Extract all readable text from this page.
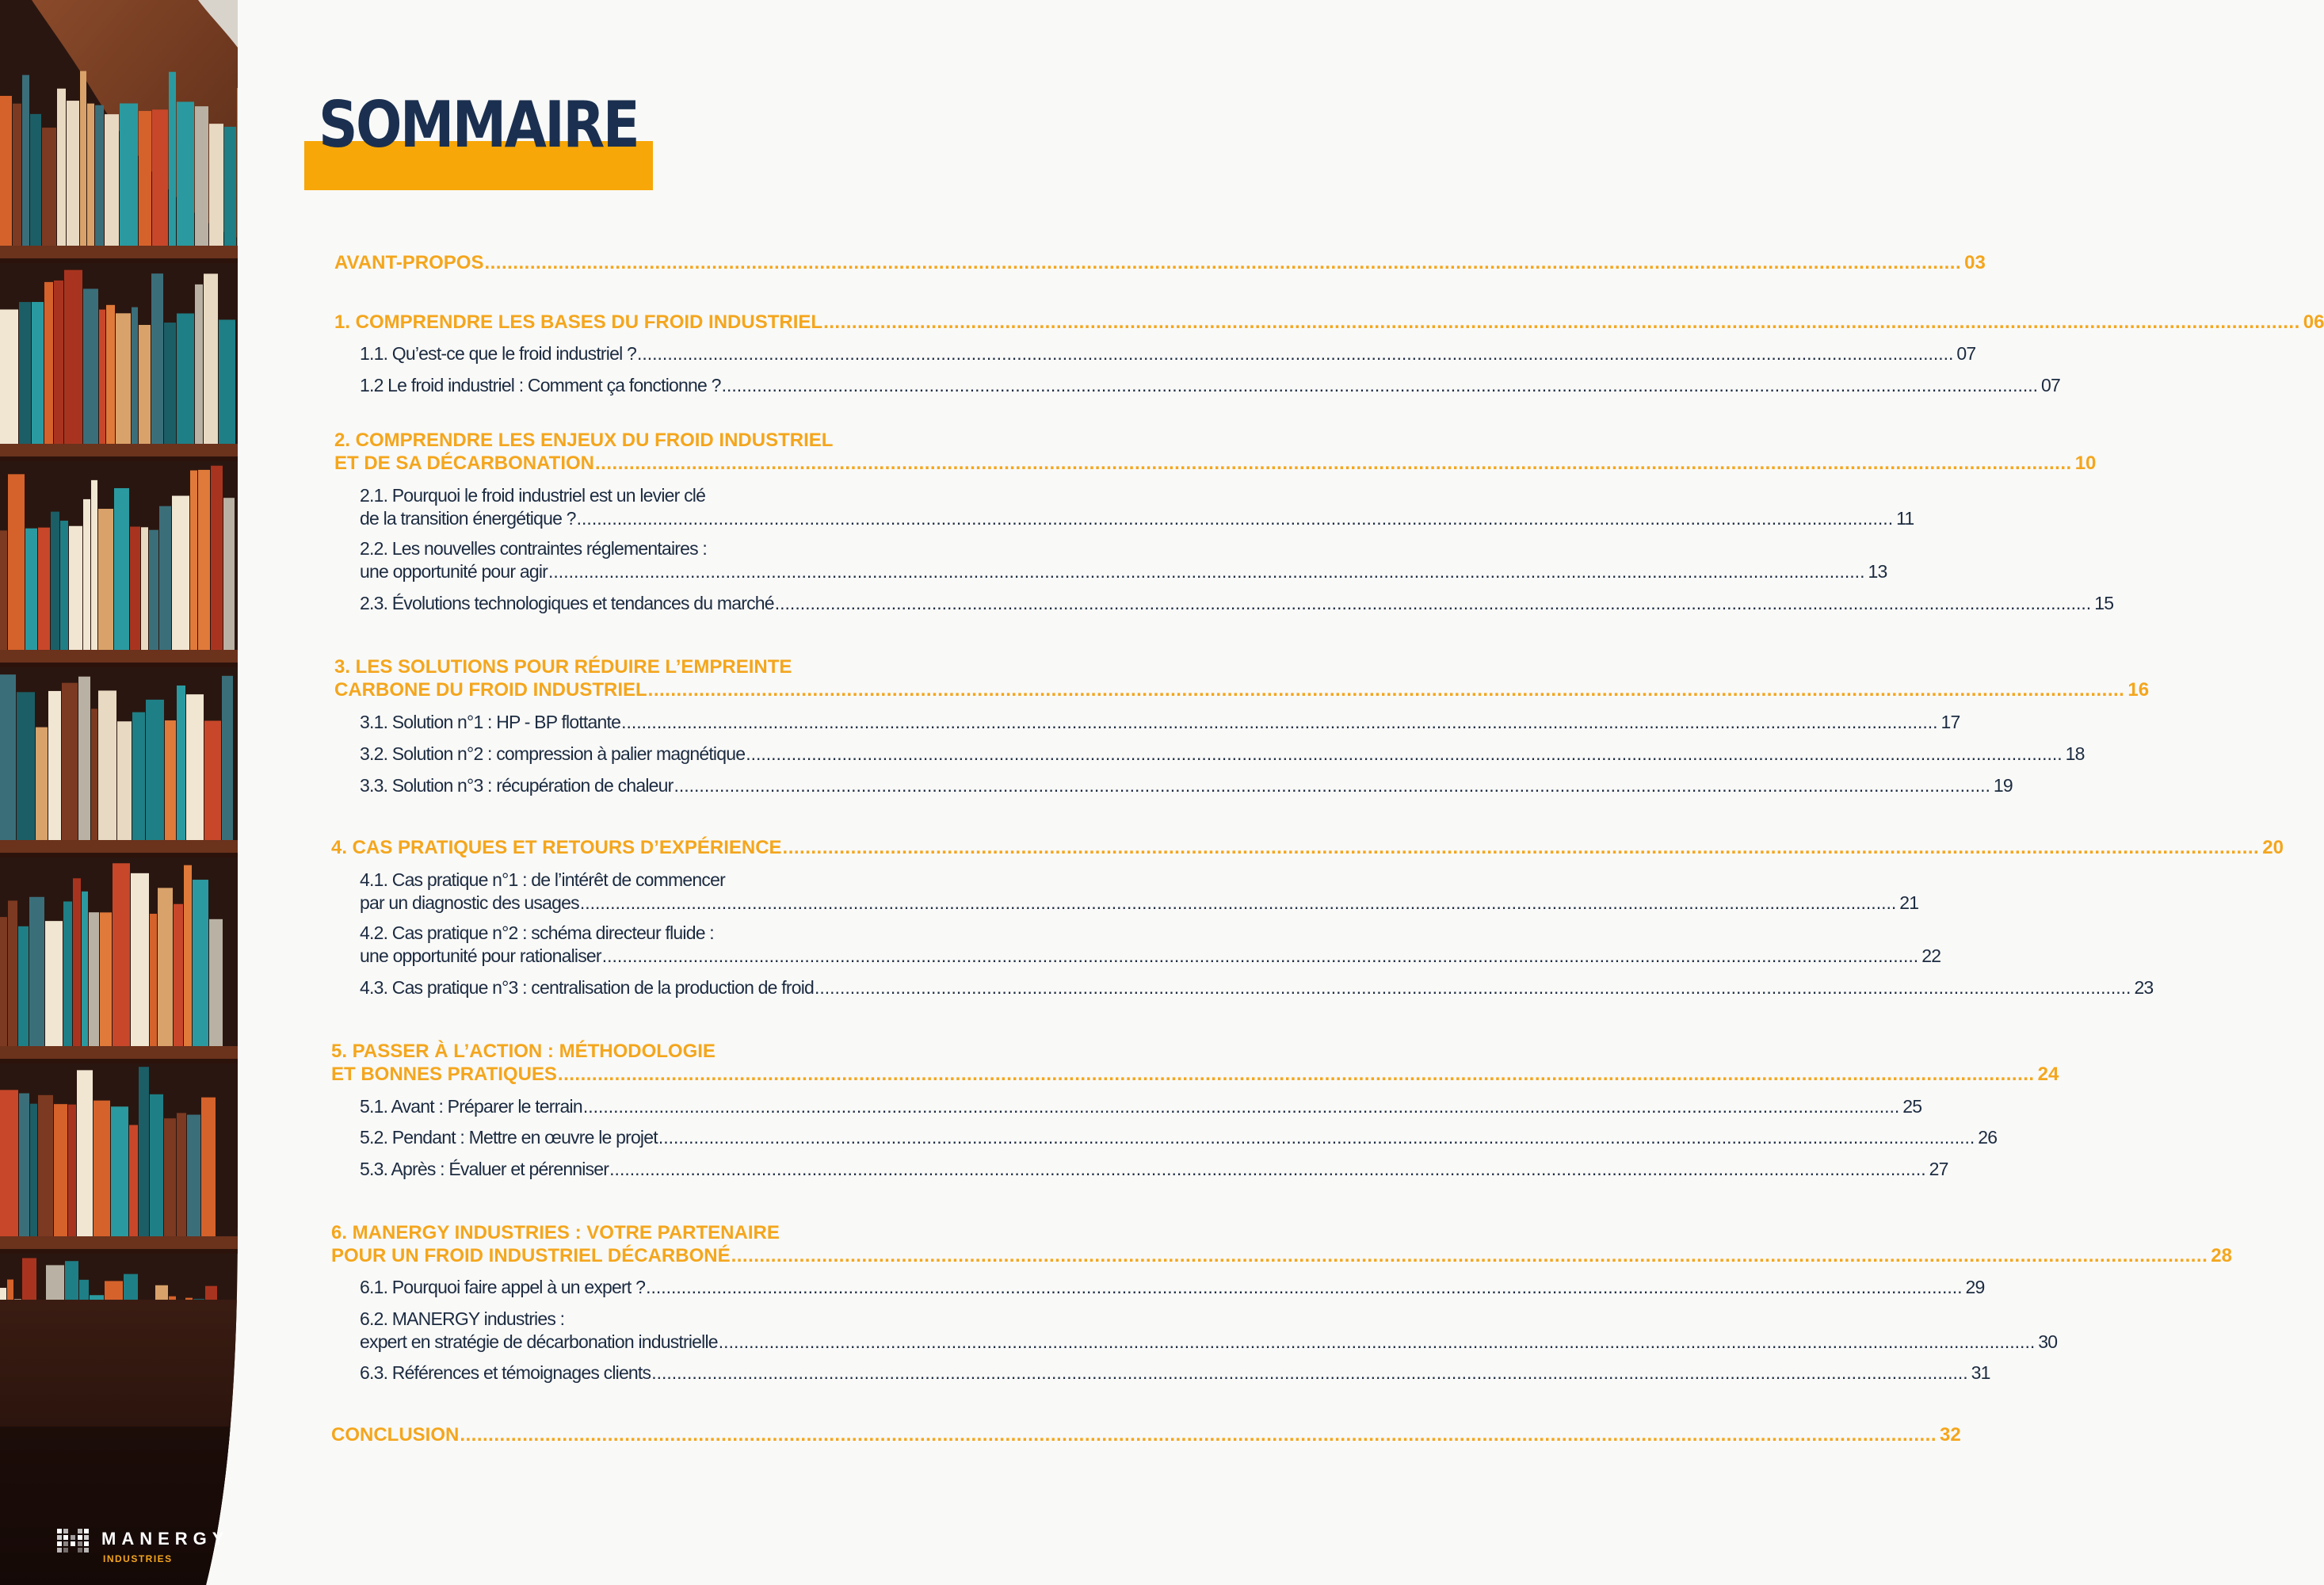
MANERGY
INDUSTRIES
SOMMAIRE
AVANT-PROPOS .................................................................................................................................................................................................................................................................... 03
1. COMPRENDRE LES BASES DU FROID INDUSTRIEL .................................................................................................................................................................................................................................................................... 06
1.1. Qu’est-ce que le froid industriel ? .................................................................................................................................................................................................................................................................... 07
1.2 Le froid industriel : Comment ça fonctionne ? .................................................................................................................................................................................................................................................................... 07
2. COMPRENDRE LES ENJEUX DU FROID INDUSTRIEL
ET DE SA DÉCARBONATION .................................................................................................................................................................................................................................................................... 10
2.1. Pourquoi le froid industriel est un levier clé
de la transition énergétique ? .................................................................................................................................................................................................................................................................... 11
2.2. Les nouvelles contraintes réglementaires :
une opportunité pour agir .................................................................................................................................................................................................................................................................... 13
2.3. Évolutions technologiques et tendances du marché .................................................................................................................................................................................................................................................................... 15
3. LES SOLUTIONS POUR RÉDUIRE L’EMPREINTE
CARBONE DU FROID INDUSTRIEL .................................................................................................................................................................................................................................................................... 16
3.1. Solution n°1 : HP - BP flottante .................................................................................................................................................................................................................................................................... 17
3.2. Solution n°2 : compression à palier magnétique .................................................................................................................................................................................................................................................................... 18
3.3. Solution n°3 : récupération de chaleur .................................................................................................................................................................................................................................................................... 19
4. CAS PRATIQUES ET RETOURS D’EXPÉRIENCE .................................................................................................................................................................................................................................................................... 20
4.1. Cas pratique n°1 : de l’intérêt de commencer
par un diagnostic des usages .................................................................................................................................................................................................................................................................... 21
4.2. Cas pratique n°2 : schéma directeur fluide :
une opportunité pour rationaliser .................................................................................................................................................................................................................................................................... 22
4.3. Cas pratique n°3 : centralisation de la production de froid .................................................................................................................................................................................................................................................................... 23
5. PASSER À L’ACTION : MÉTHODOLOGIE
ET BONNES PRATIQUES .................................................................................................................................................................................................................................................................... 24
5.1. Avant : Préparer le terrain .................................................................................................................................................................................................................................................................... 25
5.2. Pendant : Mettre en œuvre le projet .................................................................................................................................................................................................................................................................... 26
5.3. Après : Évaluer et pérenniser .................................................................................................................................................................................................................................................................... 27
6. MANERGY INDUSTRIES : VOTRE PARTENAIRE
POUR UN FROID INDUSTRIEL DÉCARBONÉ .................................................................................................................................................................................................................................................................... 28
6.1. Pourquoi faire appel à un expert ? .................................................................................................................................................................................................................................................................... 29
6.2. MANERGY industries :
expert en stratégie de décarbonation industrielle .................................................................................................................................................................................................................................................................... 30
6.3. Références et témoignages clients .................................................................................................................................................................................................................................................................... 31
CONCLUSION .................................................................................................................................................................................................................................................................... 32
